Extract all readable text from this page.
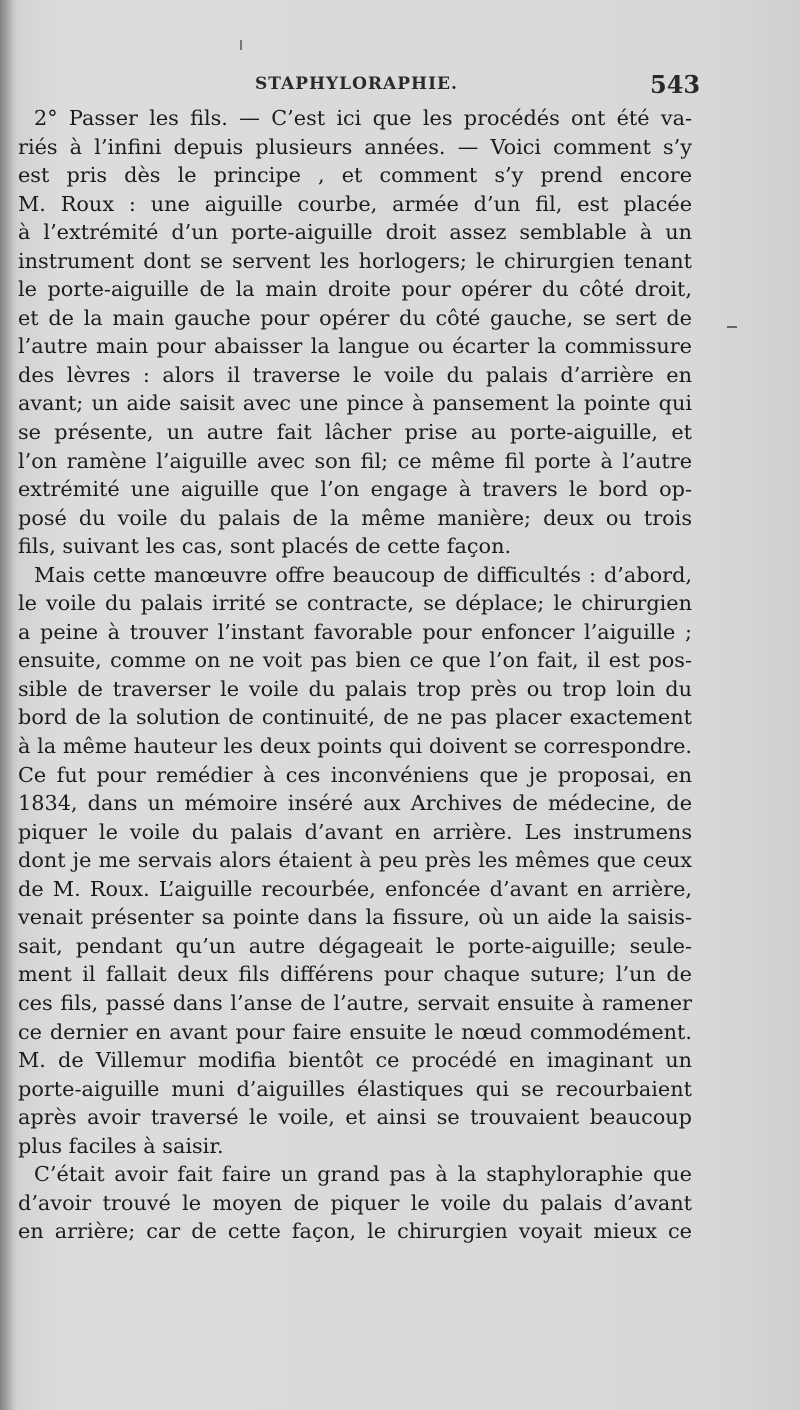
STAPHYLORAPHIE.	543
2° Passer les fils. — C’est ici que les procédés ont été va-
riés à l’infini depuis plusieurs années. — Voici comment s’y
est pris dès le principe , et comment s’y prend encore
M. Roux : une aiguille courbe, armée d’un fil, est placée
à l’extrémité d’un porte-aiguille droit assez semblable à un
instrument dont se servent les horlogers; le chirurgien tenant
le porte-aiguille de la main droite pour opérer du côté droit,
et de la main gauche pour opérer du côté gauche, se sert de
l’autre main pour abaisser la langue ou écarter la commissure
des lèvres : alors il traverse le voile du palais d’arrière en
avant; un aide saisit avec une pince à pansement la pointe qui
se présente, un autre fait lâcher prise au porte-aiguille, et
l’on ramène l’aiguille avec son fil; ce même fil porte à l’autre
extrémité une aiguille que l’on engage à travers le bord op-
posé du voile du palais de la même manière; deux ou trois
fils, suivant les cas, sont placés de cette façon.
Mais cette manœuvre offre beaucoup de difficultés : d’abord,
le voile du palais irrité se contracte, se déplace; le chirurgien
a peine à trouver l’instant favorable pour enfoncer l’aiguille ;
ensuite, comme on ne voit pas bien ce que l’on fait, il est pos-
sible de traverser le voile du palais trop près ou trop loin du
bord de la solution de continuité, de ne pas placer exactement
à la même hauteur les deux points qui doivent se correspondre.
Ce fut pour remédier à ces inconvéniens que je proposai, en
1834, dans un mémoire inséré aux Archives de médecine, de
piquer le voile du palais d’avant en arrière. Les instrumens
dont je me servais alors étaient à peu près les mêmes que ceux
de M. Roux. L’aiguille recourbée, enfoncée d’avant en arrière,
venait présenter sa pointe dans la fissure, où un aide la saisis-
sait, pendant qu’un autre dégageait le porte-aiguille; seule-
ment il fallait deux fils différens pour chaque suture; l’un de
ces fils, passé dans l’anse de l’autre, servait ensuite à ramener
ce dernier en avant pour faire ensuite le nœud commodément.
M. de Villemur modifia bientôt ce procédé en imaginant un
porte-aiguille muni d’aiguilles élastiques qui se recourbaient
après avoir traversé le voile, et ainsi se trouvaient beaucoup
plus faciles à saisir.
C’était avoir fait faire un grand pas à la staphyloraphie que
d’avoir trouvé le moyen de piquer le voile du palais d’avant
en arrière; car de cette façon, le chirurgien voyait mieux ce
